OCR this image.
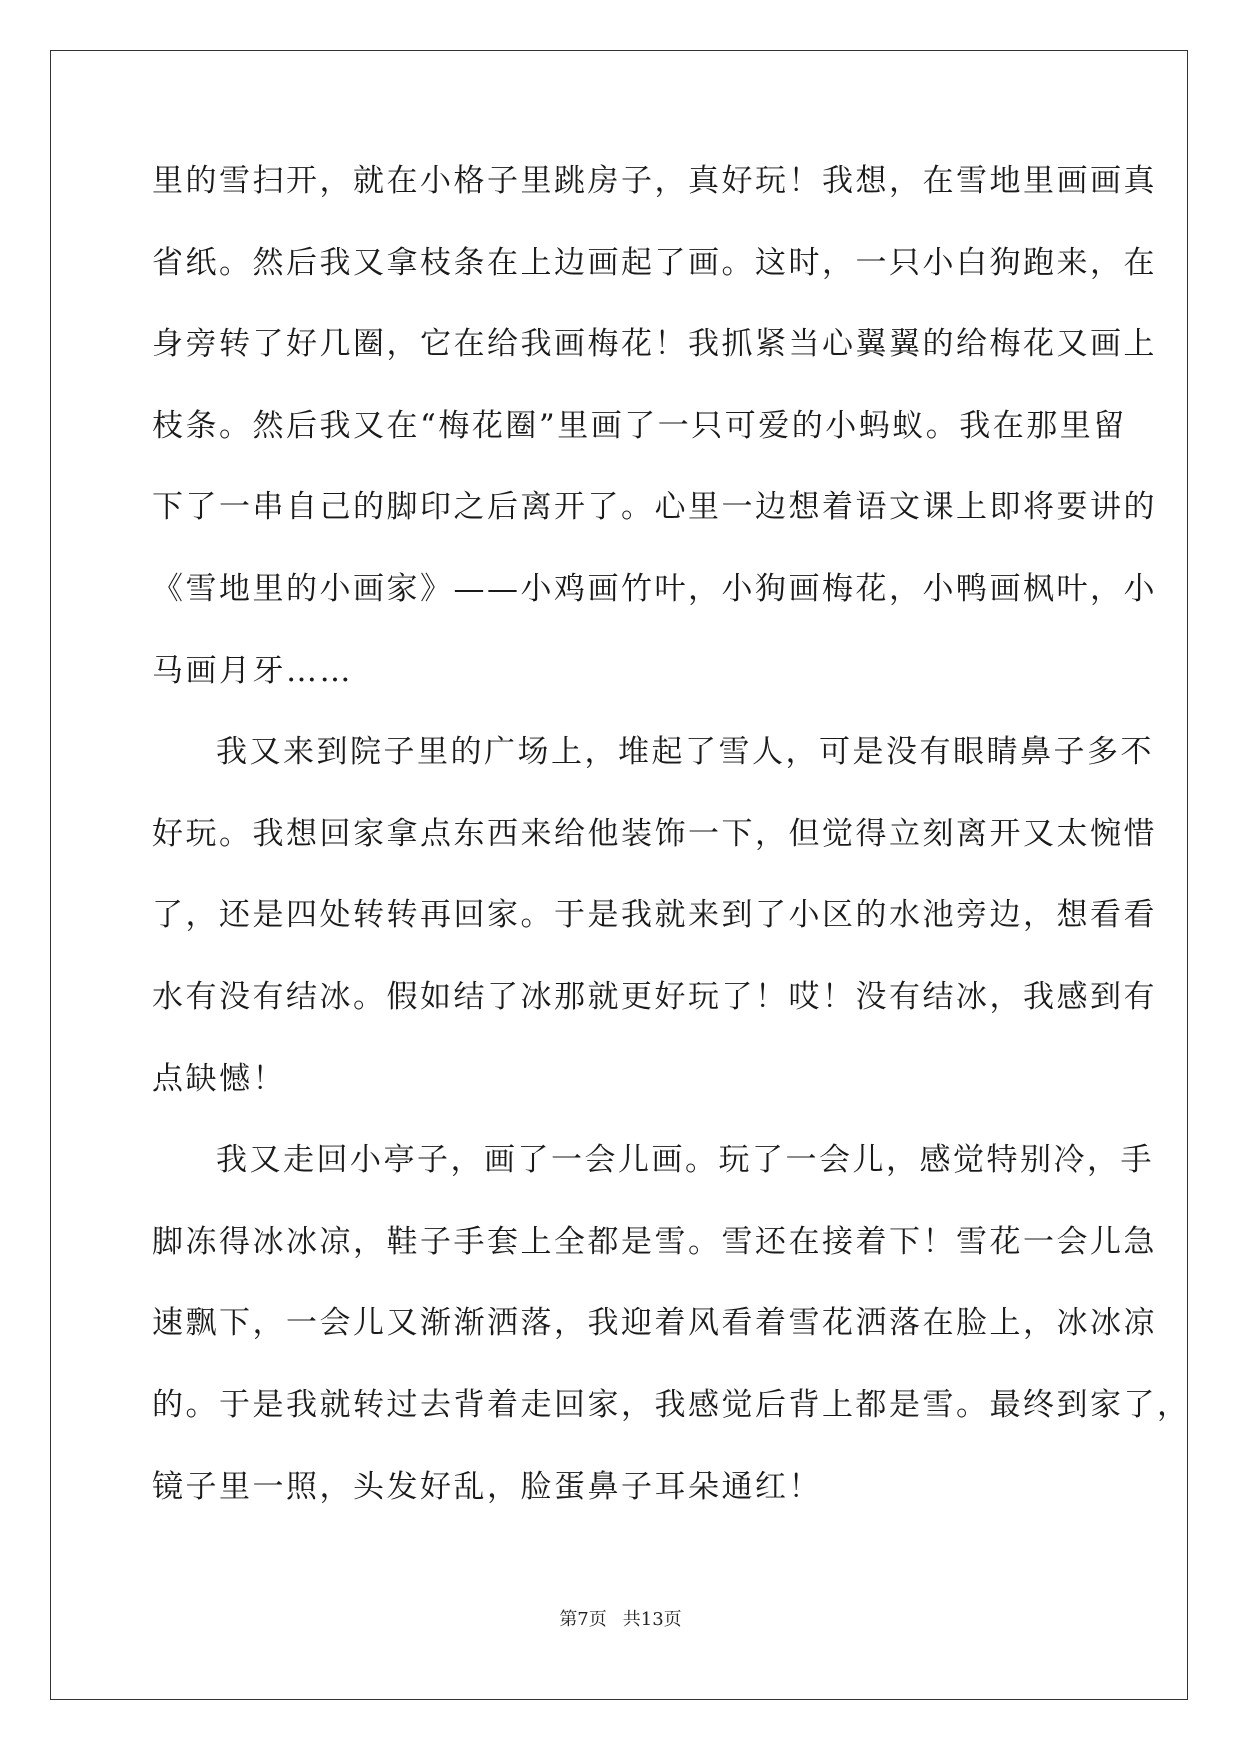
里的雪扫开，就在小格子里跳房子，真好玩！我想，在雪地里画画真
省纸。然后我又拿枝条在上边画起了画。这时，一只小白狗跑来，在
身旁转了好几圈，它在给我画梅花！我抓紧当心翼翼的给梅花又画上
枝条。然后我又在“梅花圈”里画了一只可爱的小蚂蚁。我在那里留
下了一串自己的脚印之后离开了。心里一边想着语文课上即将要讲的
《雪地里的小画家》——小鸡画竹叶，小狗画梅花，小鸭画枫叶，小
马画月牙……
我又来到院子里的广场上，堆起了雪人，可是没有眼睛鼻子多不
好玩。我想回家拿点东西来给他装饰一下，但觉得立刻离开又太惋惜
了，还是四处转转再回家。于是我就来到了小区的水池旁边，想看看
水有没有结冰。假如结了冰那就更好玩了！哎！没有结冰，我感到有
点缺憾！
我又走回小亭子，画了一会儿画。玩了一会儿，感觉特别冷，手
脚冻得冰冰凉，鞋子手套上全都是雪。雪还在接着下！雪花一会儿急
速飘下，一会儿又渐渐洒落，我迎着风看着雪花洒落在脸上，冰冰凉
的。于是我就转过去背着走回家，我感觉后背上都是雪。最终到家了，
镜子里一照，头发好乱，脸蛋鼻子耳朵通红！
第7页 共13页
